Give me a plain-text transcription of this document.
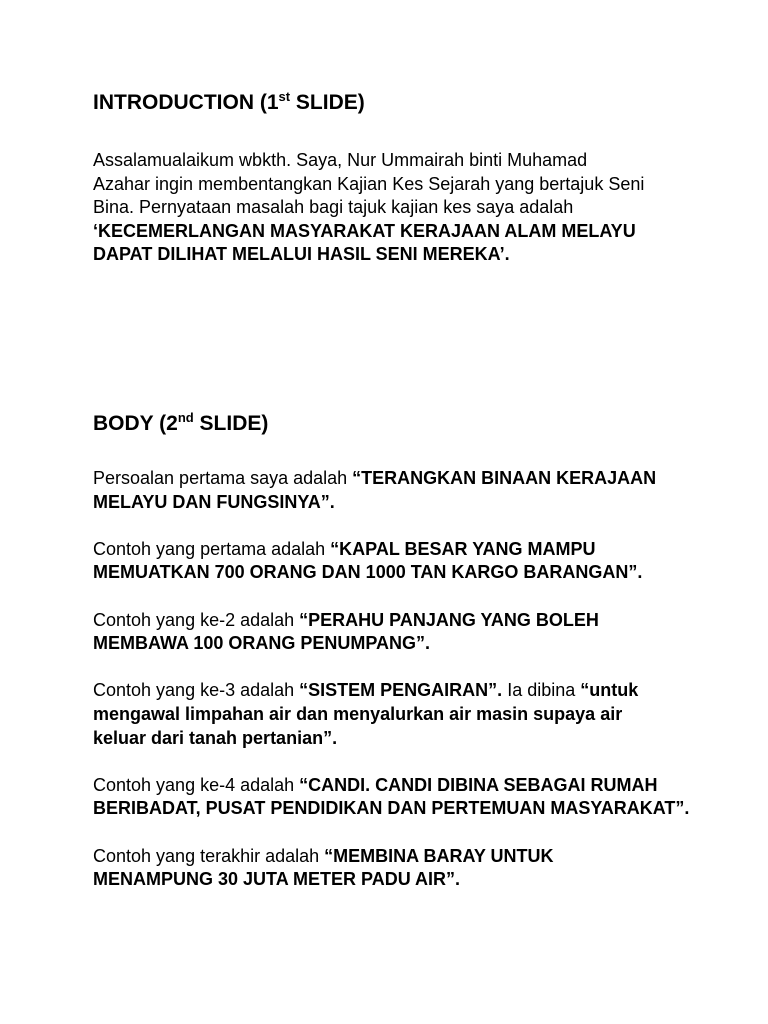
INTRODUCTION (1st SLIDE)
Assalamualaikum wbkth. Saya, Nur Ummairah binti Muhamad
Azahar ingin membentangkan Kajian Kes Sejarah yang bertajuk Seni
Bina. Pernyataan masalah bagi tajuk kajian kes saya adalah
‘KECEMERLANGAN MASYARAKAT KERAJAAN ALAM MELAYU
DAPAT DILIHAT MELALUI HASIL SENI MEREKA’.
BODY (2nd SLIDE)
Persoalan pertama saya adalah “TERANGKAN BINAAN KERAJAAN
MELAYU DAN FUNGSINYA”.
Contoh yang pertama adalah “KAPAL BESAR YANG MAMPU
MEMUATKAN 700 ORANG DAN 1000 TAN KARGO BARANGAN”.
Contoh yang ke-2 adalah “PERAHU PANJANG YANG BOLEH
MEMBAWA 100 ORANG PENUMPANG”.
Contoh yang ke-3 adalah “SISTEM PENGAIRAN”. Ia dibina “untuk
mengawal limpahan air dan menyalurkan air masin supaya air
keluar dari tanah pertanian”.
Contoh yang ke-4 adalah “CANDI. CANDI DIBINA SEBAGAI RUMAH
BERIBADAT, PUSAT PENDIDIKAN DAN PERTEMUAN MASYARAKAT”.
Contoh yang terakhir adalah “MEMBINA BARAY UNTUK
MENAMPUNG 30 JUTA METER PADU AIR”.
